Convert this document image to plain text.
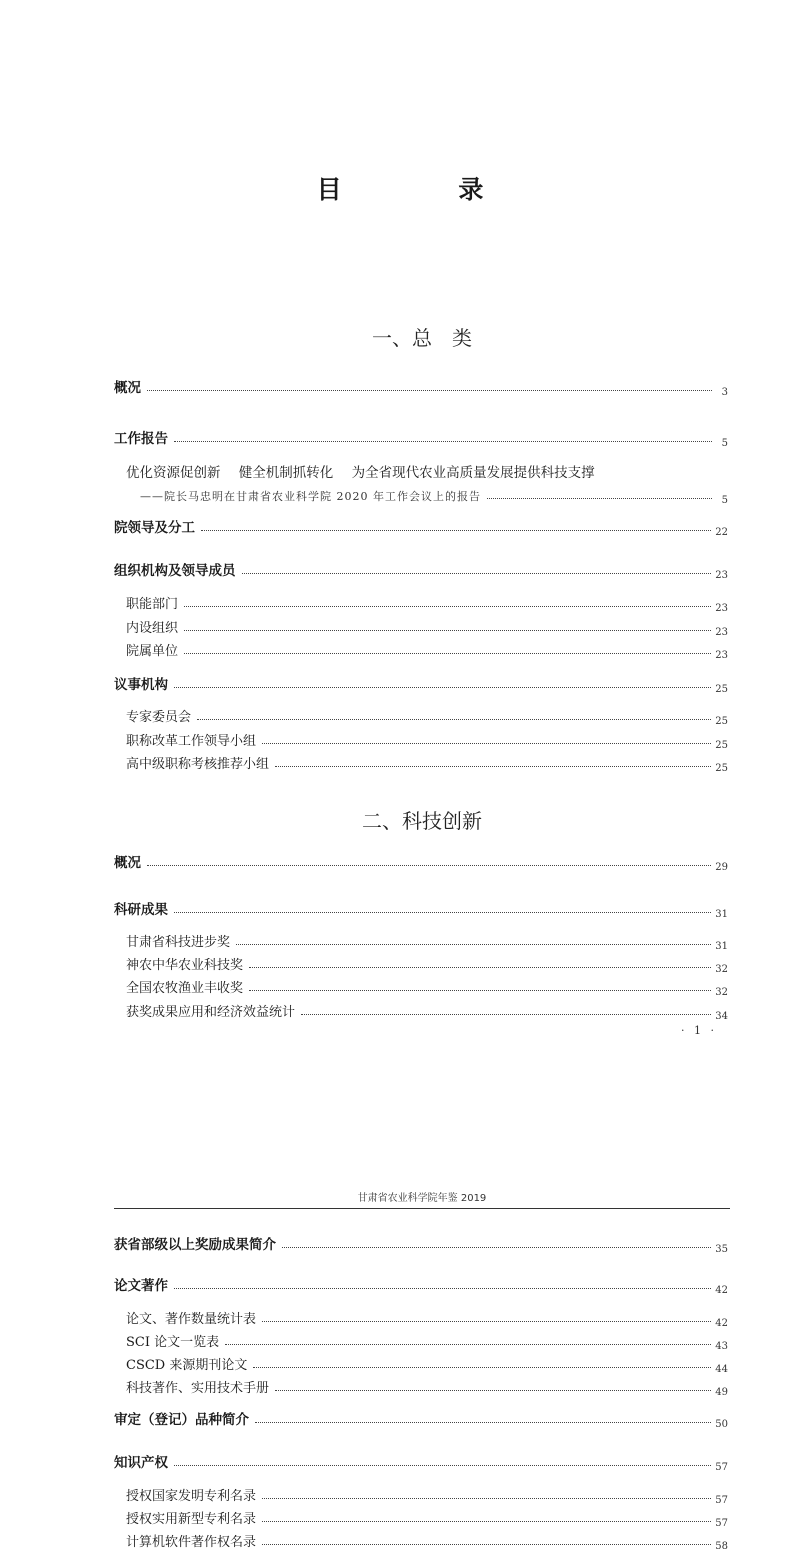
目 录
一、总　类
概况	3
工作报告	5
优化资源促创新 健全机制抓转化 为全省现代农业高质量发展提供科技支撑
——院长马忠明在甘肃省农业科学院 2020 年工作会议上的报告	5
院领导及分工	22
组织机构及领导成员	23
职能部门	23
内设组织	23
院属单位	23
议事机构	25
专家委员会	25
职称改革工作领导小组	25
高中级职称考核推荐小组	25
二、科技创新
概况	29
科研成果	31
甘肃省科技进步奖	31
神农中华农业科技奖	32
全国农牧渔业丰收奖	32
获奖成果应用和经济效益统计	34
· 1 ·
甘肃省农业科学院年鉴 2019
获省部级以上奖励成果简介	35
论文著作	42
论文、著作数量统计表	42
SCI 论文一览表	43
CSCD 来源期刊论文	44
科技著作、实用技术手册	49
审定（登记）品种简介	50
知识产权	57
授权国家发明专利名录	57
授权实用新型专利名录	57
计算机软件著作权名录	58
